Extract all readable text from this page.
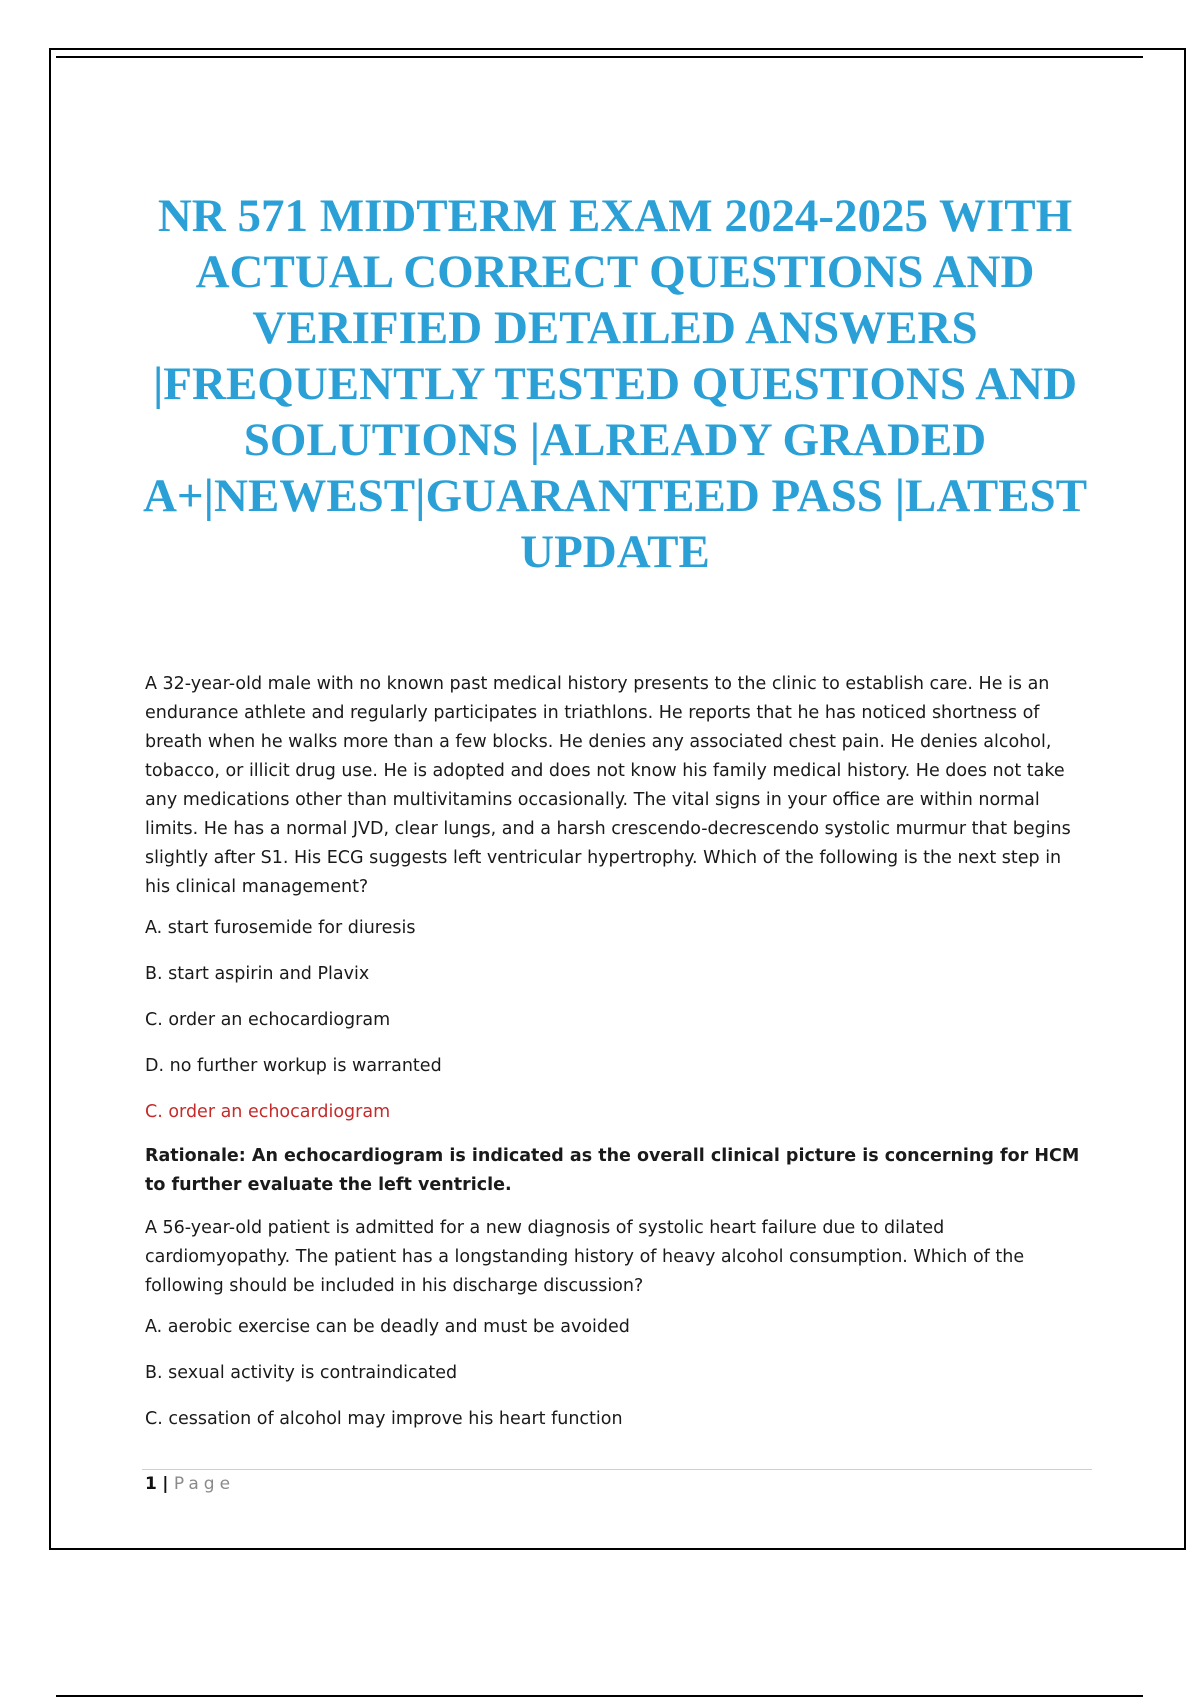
NR 571 MIDTERM EXAM 2024-2025 WITH ACTUAL CORRECT QUESTIONS AND VERIFIED DETAILED ANSWERS |FREQUENTLY TESTED QUESTIONS AND SOLUTIONS |ALREADY GRADED A+|NEWEST|GUARANTEED PASS |LATEST UPDATE

A 32-year-old male with no known past medical history presents to the clinic to establish care. He is an endurance athlete and regularly participates in triathlons. He reports that he has noticed shortness of breath when he walks more than a few blocks. He denies any associated chest pain. He denies alcohol, tobacco, or illicit drug use. He is adopted and does not know his family medical history. He does not take any medications other than multivitamins occasionally. The vital signs in your office are within normal limits. He has a normal JVD, clear lungs, and a harsh crescendo-decrescendo systolic murmur that begins slightly after S1. His ECG suggests left ventricular hypertrophy. Which of the following is the next step in his clinical management?

A. start furosemide for diuresis

B. start aspirin and Plavix

C. order an echocardiogram

D. no further workup is warranted

C. order an echocardiogram

Rationale: An echocardiogram is indicated as the overall clinical picture is concerning for HCM to further evaluate the left ventricle.

A 56-year-old patient is admitted for a new diagnosis of systolic heart failure due to dilated cardiomyopathy. The patient has a longstanding history of heavy alcohol consumption. Which of the following should be included in his discharge discussion?

A. aerobic exercise can be deadly and must be avoided

B. sexual activity is contraindicated

C. cessation of alcohol may improve his heart function

1 | Page
